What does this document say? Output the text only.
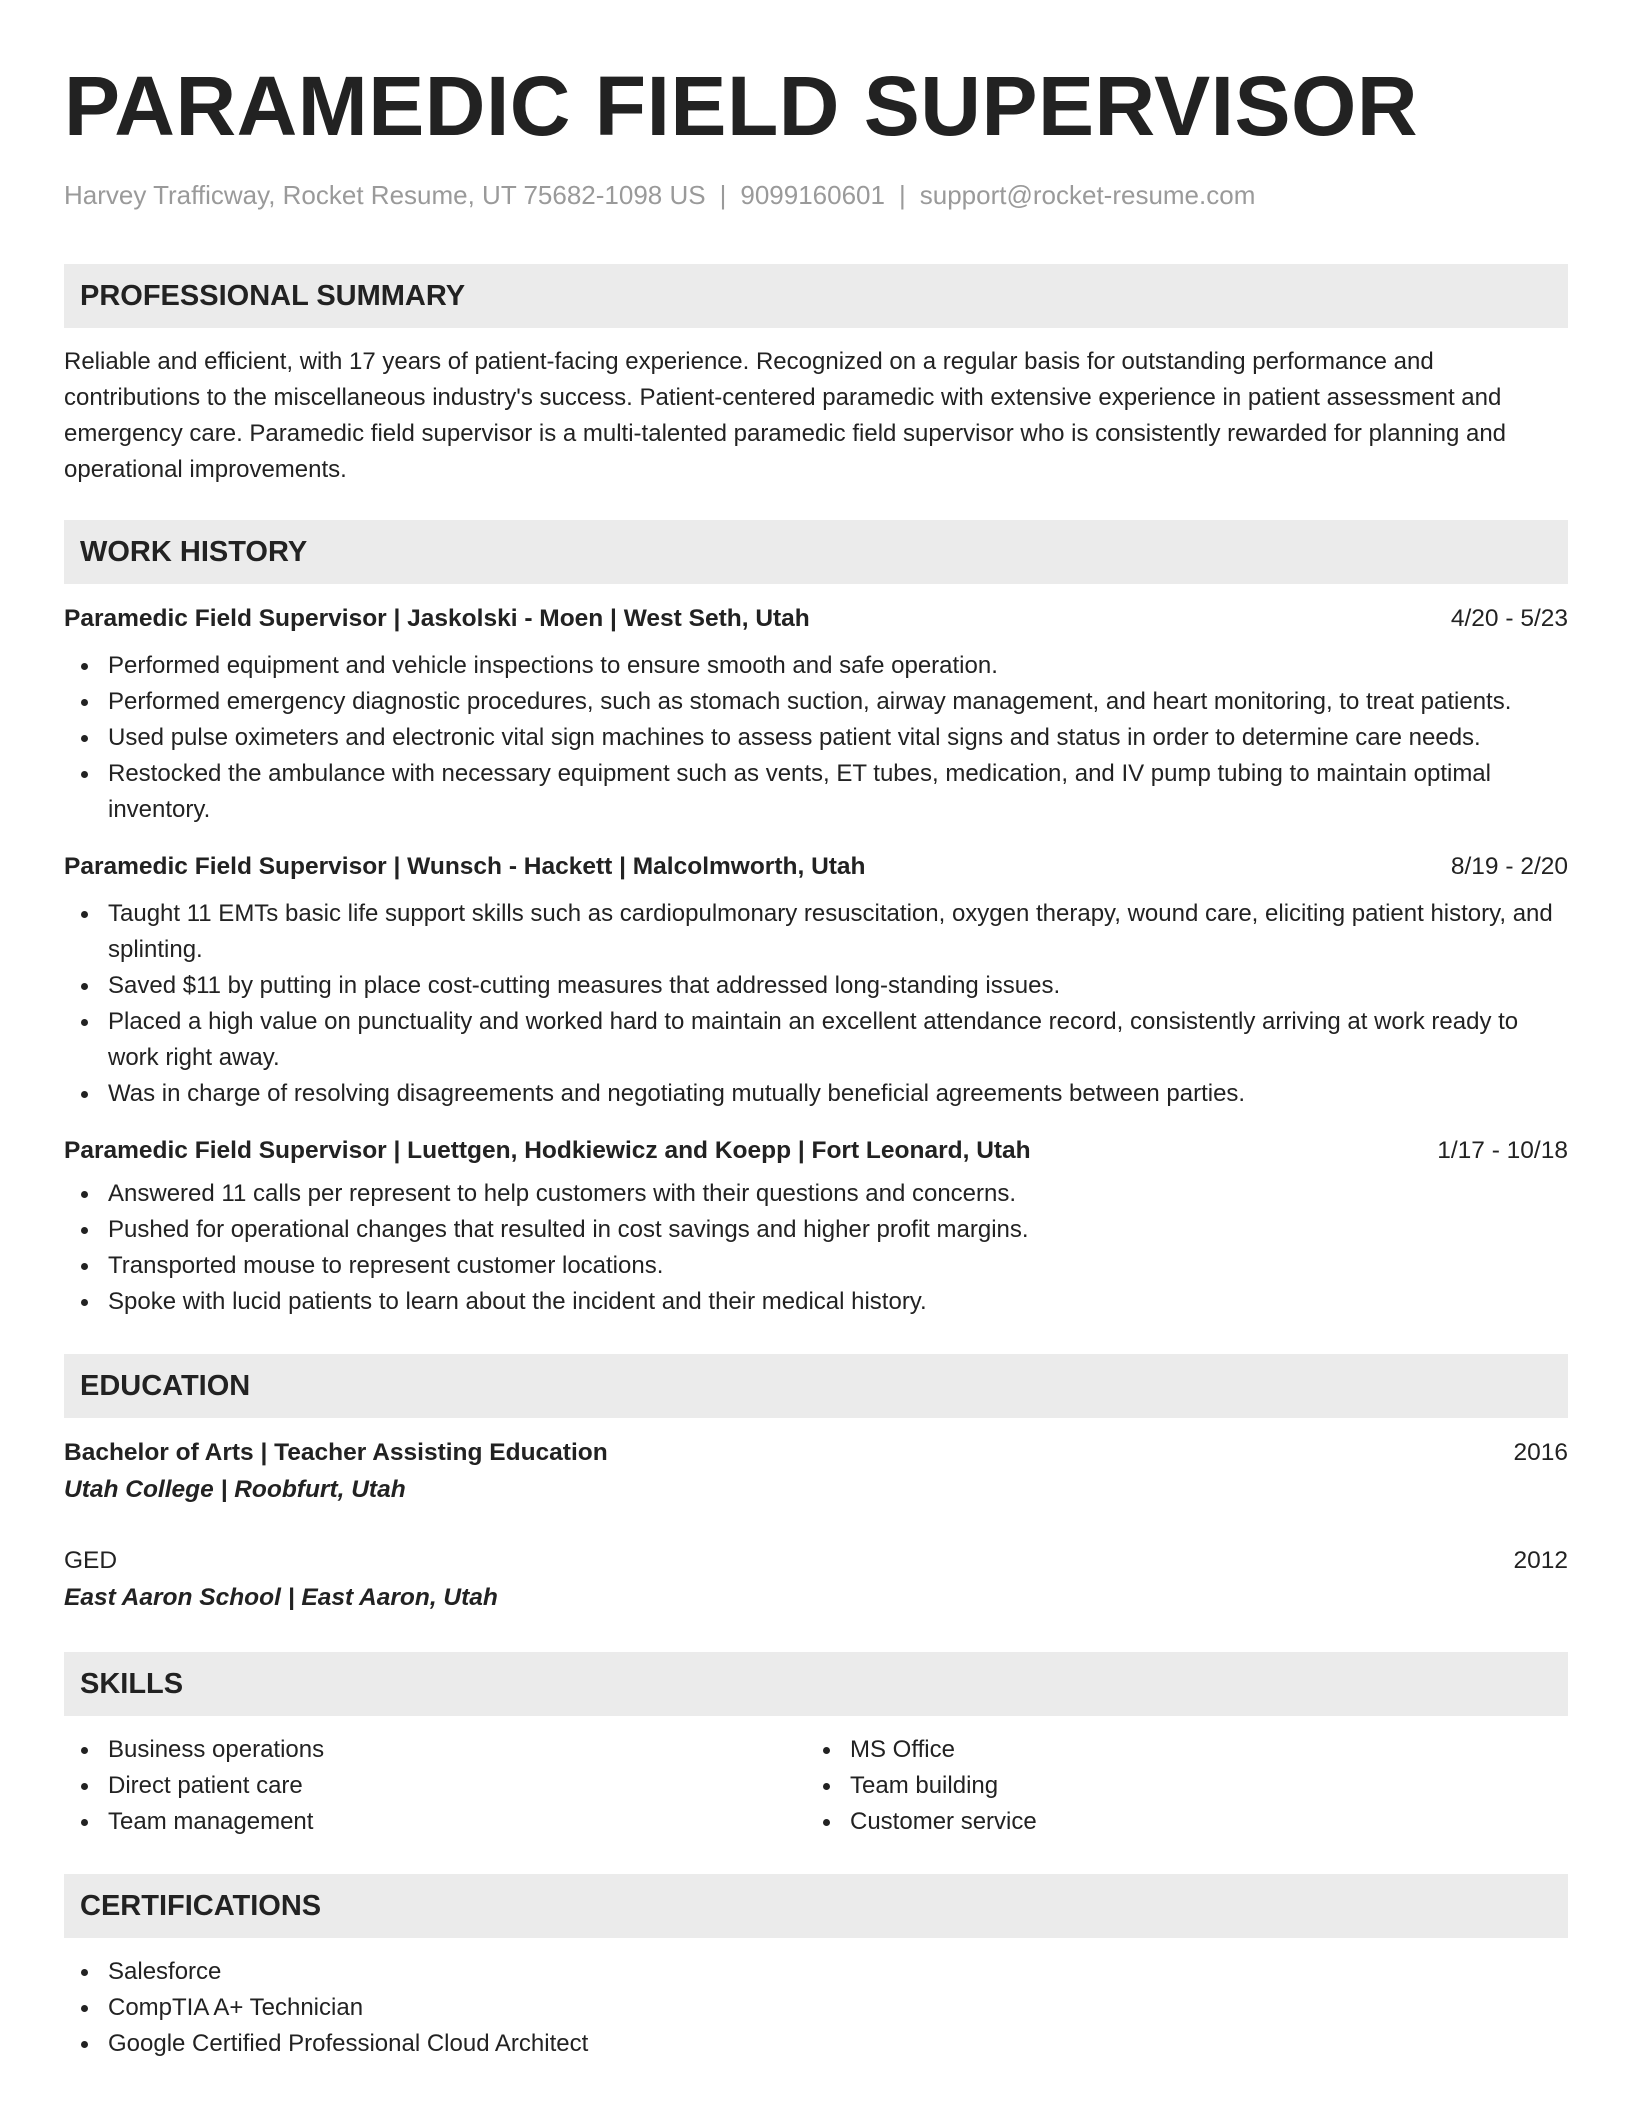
PARAMEDIC FIELD SUPERVISOR
Harvey Trafficway, Rocket Resume, UT 75682-1098 US | 9099160601 | support@rocket-resume.com
PROFESSIONAL SUMMARY

Reliable and efficient, with 17 years of patient-facing experience. Recognized on a regular basis for outstanding performance and contributions to the miscellaneous industry's success. Patient-centered paramedic with extensive experience in patient assessment and emergency care. Paramedic field supervisor is a multi-talented paramedic field supervisor who is consistently rewarded for planning and operational improvements.

WORK HISTORY
Paramedic Field Supervisor | Jaskolski - Moen | West Seth, Utah	4/20 - 5/23
Performed equipment and vehicle inspections to ensure smooth and safe operation.
Performed emergency diagnostic procedures, such as stomach suction, airway management, and heart monitoring, to treat patients.
Used pulse oximeters and electronic vital sign machines to assess patient vital signs and status in order to determine care needs.
Restocked the ambulance with necessary equipment such as vents, ET tubes, medication, and IV pump tubing to maintain optimal inventory.
Paramedic Field Supervisor | Wunsch - Hackett | Malcolmworth, Utah	8/19 - 2/20
Taught 11 EMTs basic life support skills such as cardiopulmonary resuscitation, oxygen therapy, wound care, eliciting patient history, and splinting.
Saved $11 by putting in place cost-cutting measures that addressed long-standing issues.
Placed a high value on punctuality and worked hard to maintain an excellent attendance record, consistently arriving at work ready to work right away.
Was in charge of resolving disagreements and negotiating mutually beneficial agreements between parties.
Paramedic Field Supervisor | Luettgen, Hodkiewicz and Koepp | Fort Leonard, Utah	1/17 - 10/18
Answered 11 calls per represent to help customers with their questions and concerns.
Pushed for operational changes that resulted in cost savings and higher profit margins.
Transported mouse to represent customer locations.
Spoke with lucid patients to learn about the incident and their medical history.
EDUCATION
Bachelor of Arts | Teacher Assisting Education	2016
Utah College | Roobfurt, Utah
GED	2012
East Aaron School | East Aaron, Utah
SKILLS
Business operations
Direct patient care
Team management
MS Office
Team building
Customer service
CERTIFICATIONS
Salesforce
CompTIA A+ Technician
Google Certified Professional Cloud Architect
